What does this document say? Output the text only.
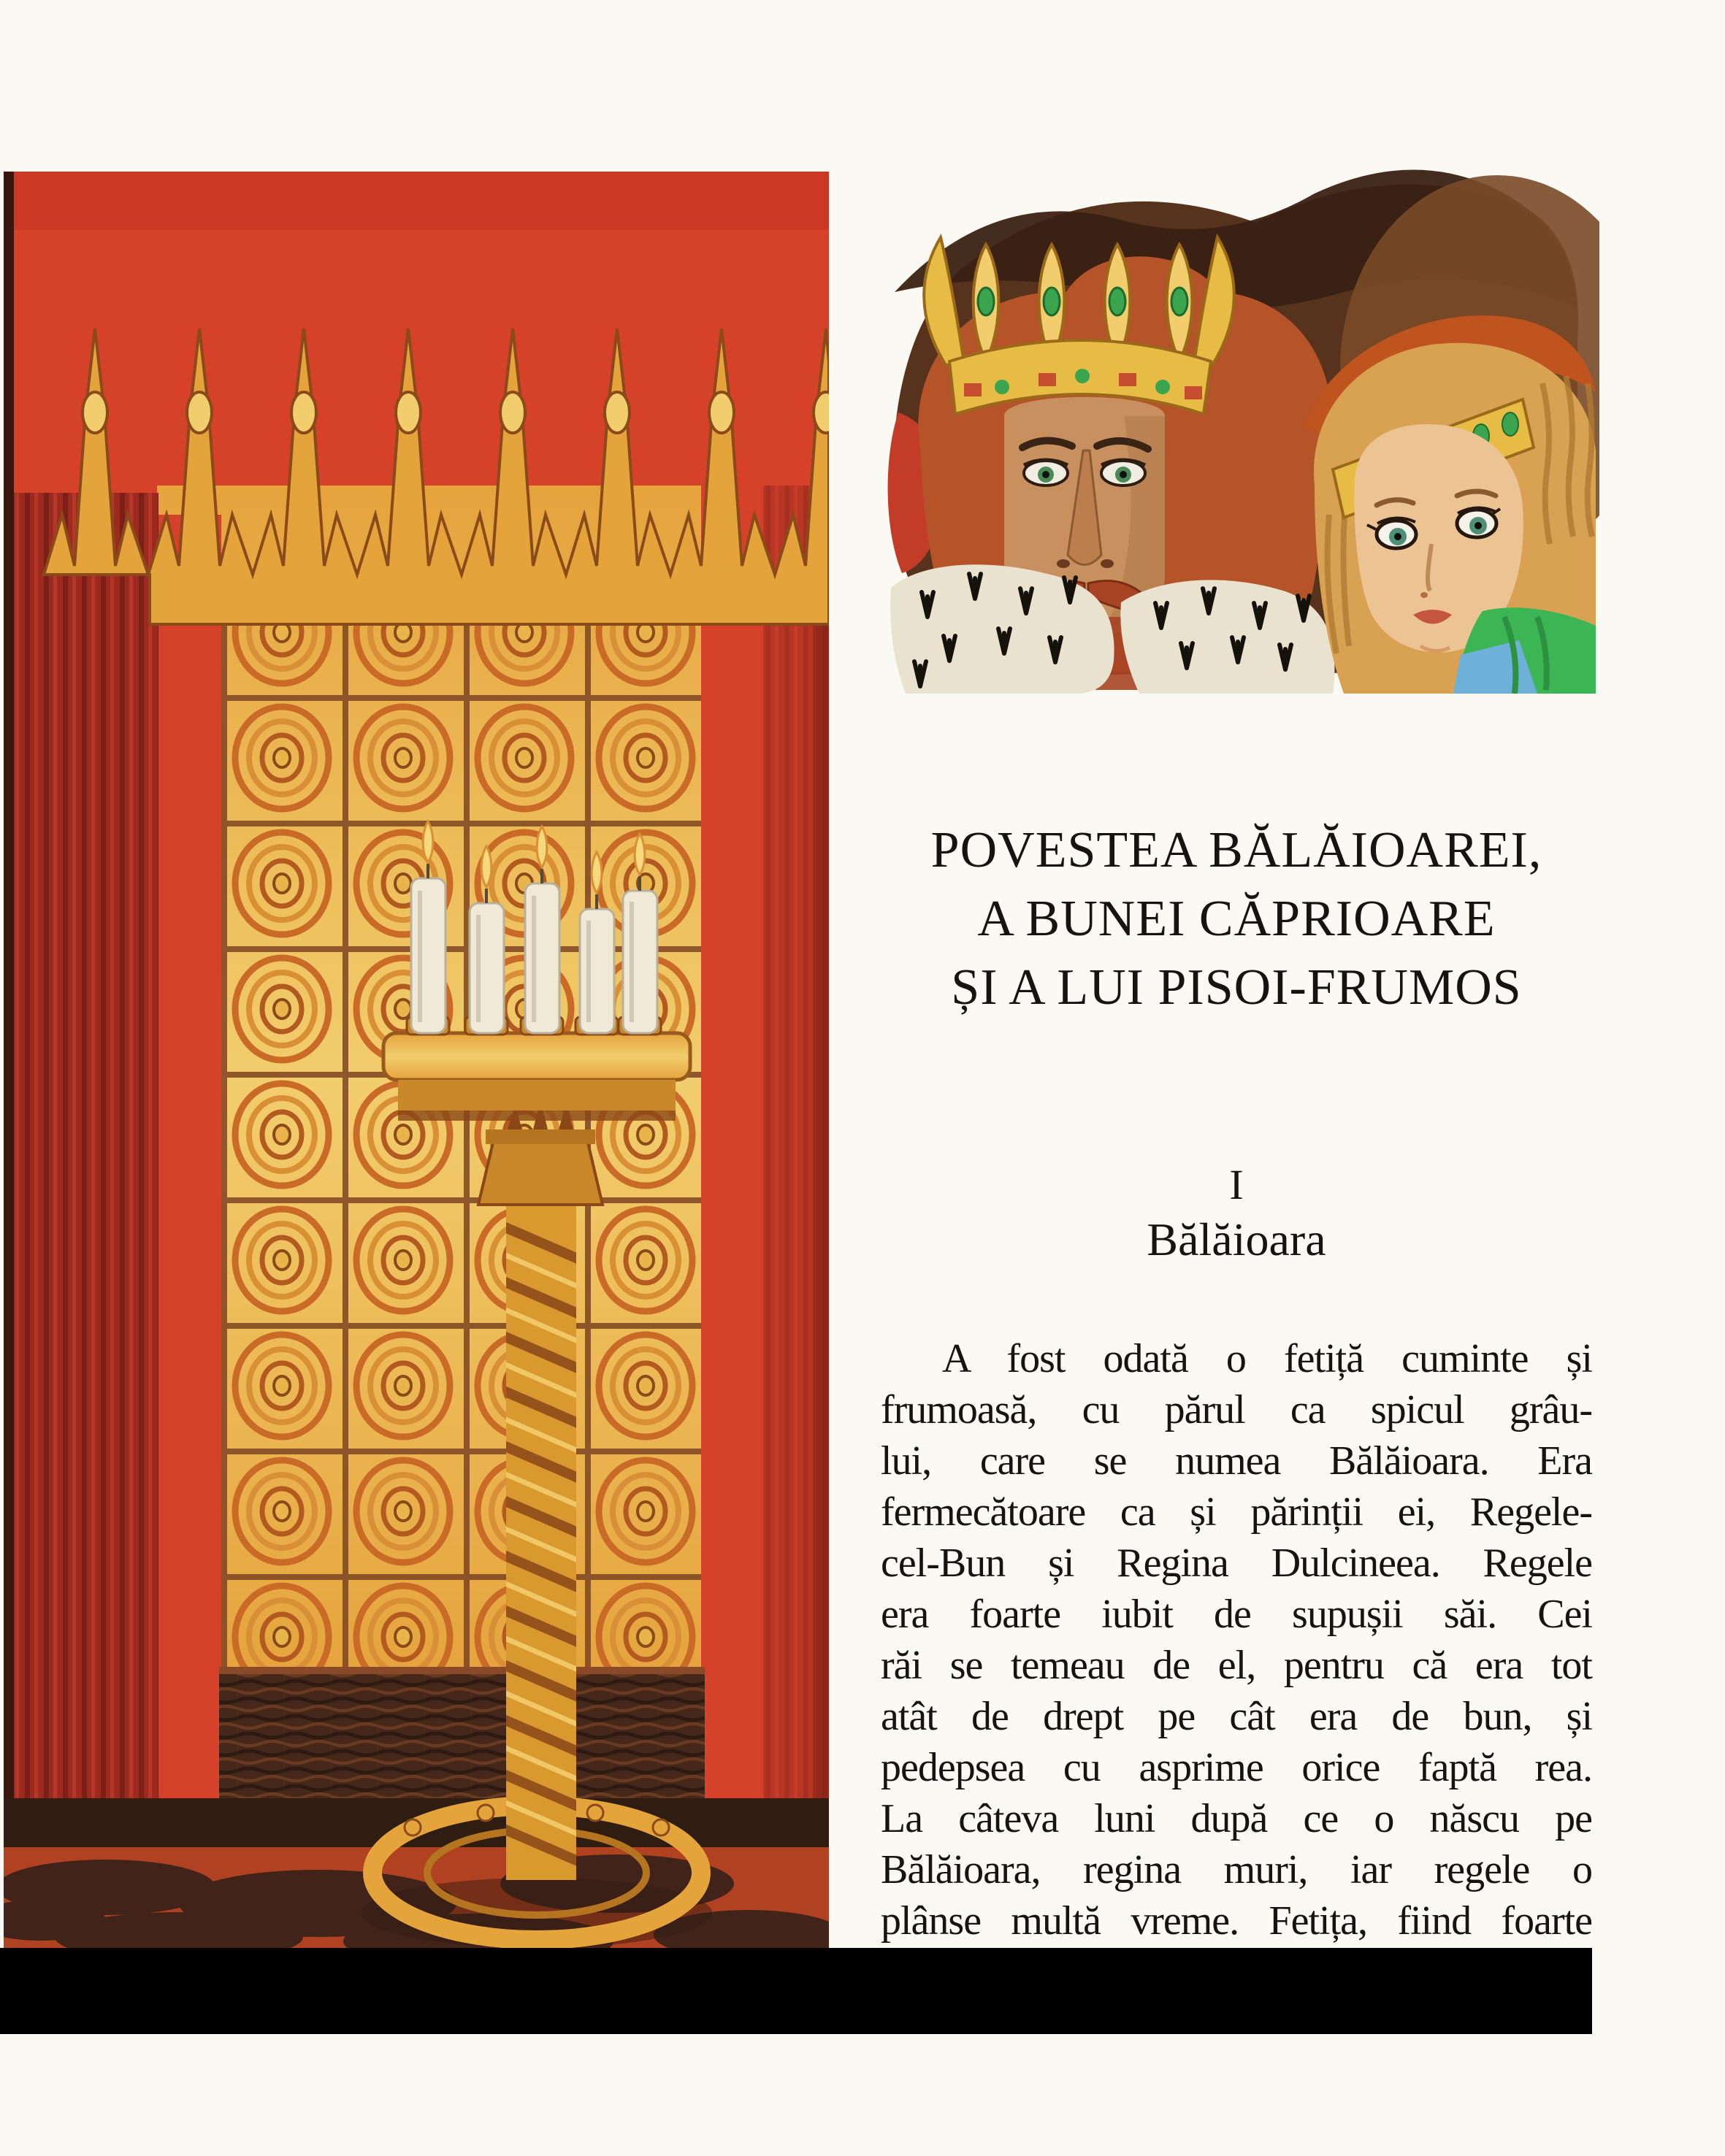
POVESTEA BĂLĂIOAREI,
A BUNEI CĂPRIOARE
ȘI A LUI PISOI-FRUMOS
I
Bălăioara
A fost odată o fetiță cuminte și
frumoasă, cu părul ca spicul grâu-
lui, care se numea Bălăioara. Era
fermecătoare ca și părinții ei, Regele-
cel-Bun și Regina Dulcineea. Regele
era foarte iubit de supușii săi. Cei
răi se temeau de el, pentru că era tot
atât de drept pe cât era de bun, și
pedepsea cu asprime orice faptă rea.
La câteva luni după ce o născu pe
Bălăioara, regina muri, iar regele o
plânse multă vreme. Fetița, fiind foarte
